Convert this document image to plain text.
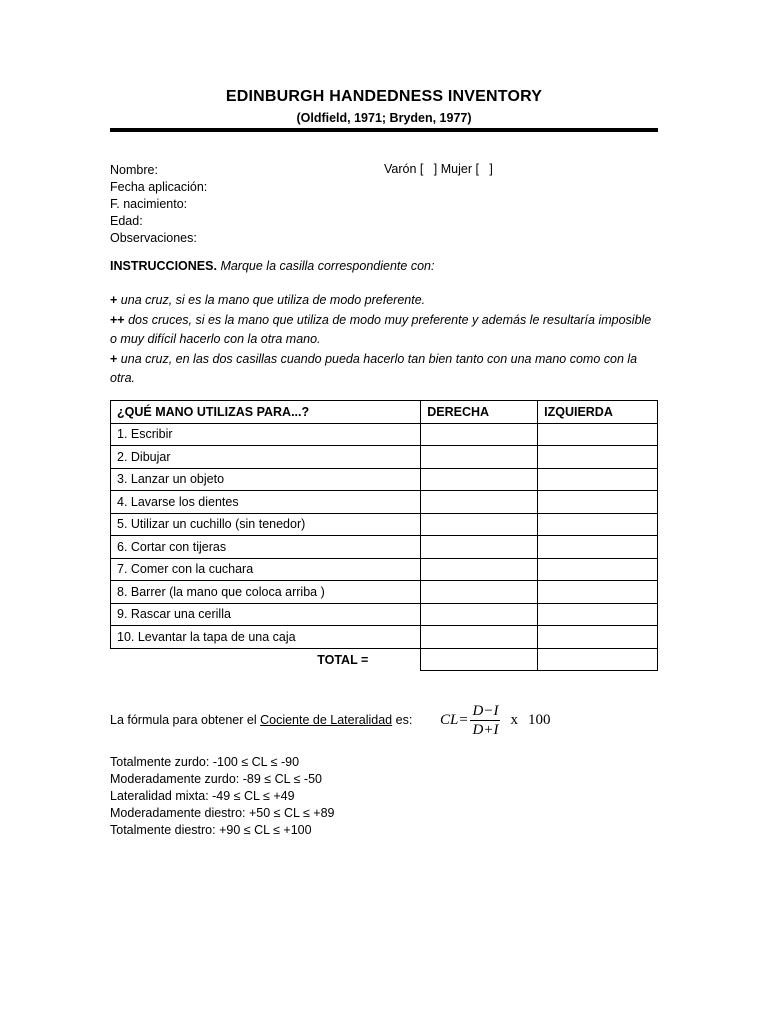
EDINBURGH HANDEDNESS INVENTORY
(Oldfield, 1971; Bryden, 1977)
Nombre:	Varón [   ] Mujer [   ]
Fecha aplicación:
F. nacimiento:
Edad:
Observaciones:
INSTRUCCIONES. Marque la casilla correspondiente con:

+ una cruz, si es la mano que utiliza de modo preferente.

++ dos cruces, si es la mano que utiliza de modo muy preferente y además le resultaría imposible o muy difícil hacerlo con la otra mano.

+ una cruz, en las dos casillas cuando pueda hacerlo tan bien tanto con una mano como con la otra.

¿QUÉ MANO UTILIZAS PARA...?	DERECHA	IZQUIERDA
1. Escribir		
2. Dibujar		
3. Lanzar un objeto		
4. Lavarse los dientes		
5. Utilizar un cuchillo (sin tenedor)		
6. Cortar con tijeras		
7. Comer con la cuchara		
8. Barrer (la mano que coloca arriba )		
9. Rascar una cerilla		
10. Levantar la tapa de una caja		
TOTAL =		
La fórmula para obtener el Cociente de Lateralidad es: $CL= \frac{D-I}{D+I}$ x 100
Totalmente zurdo: -100 ≤ CL ≤ -90
Moderadamente zurdo: -89 ≤ CL ≤ -50
Lateralidad mixta: -49 ≤ CL ≤ +49
Moderadamente diestro: +50 ≤ CL ≤ +89
Totalmente diestro: +90 ≤ CL ≤ +100
